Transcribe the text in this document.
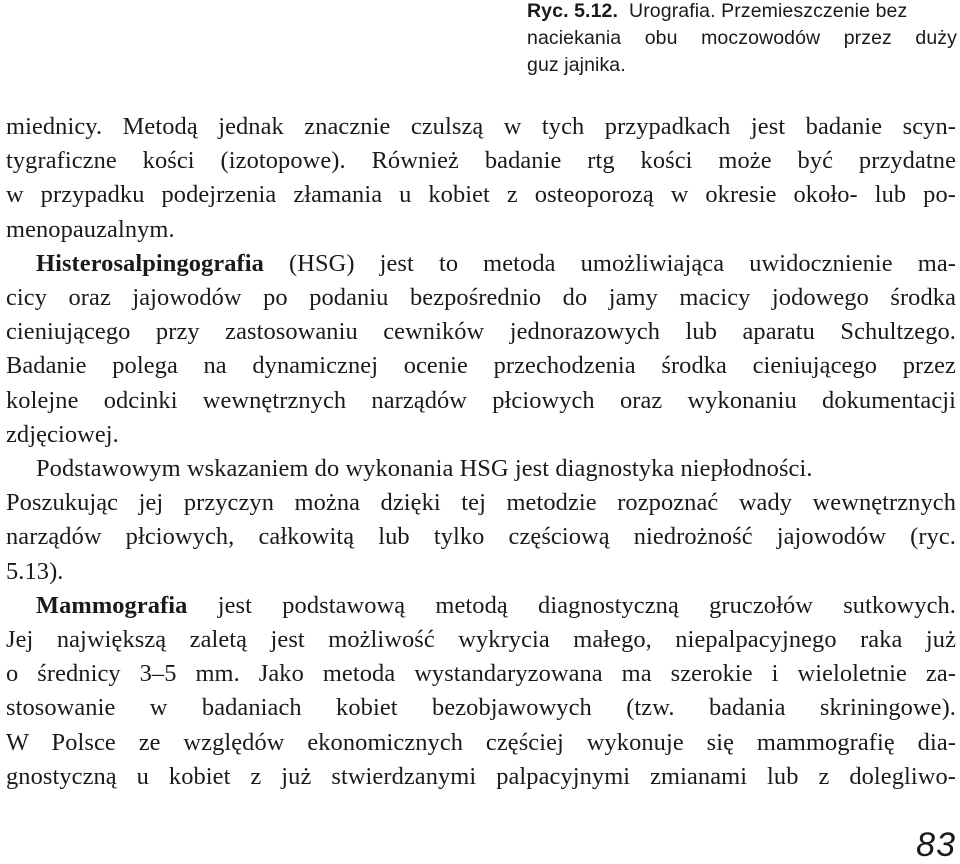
Ryc. 5.12. Urografia. Przemieszczenie bez
naciekania obu moczowodów przez duży
guz jajnika.
miednicy. Metodą jednak znacznie czulszą w tych przypadkach jest badanie scyn-
tygraficzne kości (izotopowe). Również badanie rtg kości może być przydatne
w przypadku podejrzenia złamania u kobiet z osteoporozą w okresie około- lub po-
menopauzalnym.
Histerosalpingografia (HSG) jest to metoda umożliwiająca uwidocznienie ma-
cicy oraz jajowodów po podaniu bezpośrednio do jamy macicy jodowego środka
cieniującego przy zastosowaniu cewników jednorazowych lub aparatu Schultzego.
Badanie polega na dynamicznej ocenie przechodzenia środka cieniującego przez
kolejne odcinki wewnętrznych narządów płciowych oraz wykonaniu dokumentacji
zdjęciowej.
Podstawowym wskazaniem do wykonania HSG jest diagnostyka niepłodności.
Poszukując jej przyczyn można dzięki tej metodzie rozpoznać wady wewnętrznych
narządów płciowych, całkowitą lub tylko częściową niedrożność jajowodów (ryc.
5.13).
Mammografia jest podstawową metodą diagnostyczną gruczołów sutkowych.
Jej największą zaletą jest możliwość wykrycia małego, niepalpacyjnego raka już
o średnicy 3–5 mm. Jako metoda wystandaryzowana ma szerokie i wieloletnie za-
stosowanie w badaniach kobiet bezobjawowych (tzw. badania skriningowe).
W Polsce ze względów ekonomicznych częściej wykonuje się mammografię dia-
gnostyczną u kobiet z już stwierdzanymi palpacyjnymi zmianami lub z dolegliwo-
83
